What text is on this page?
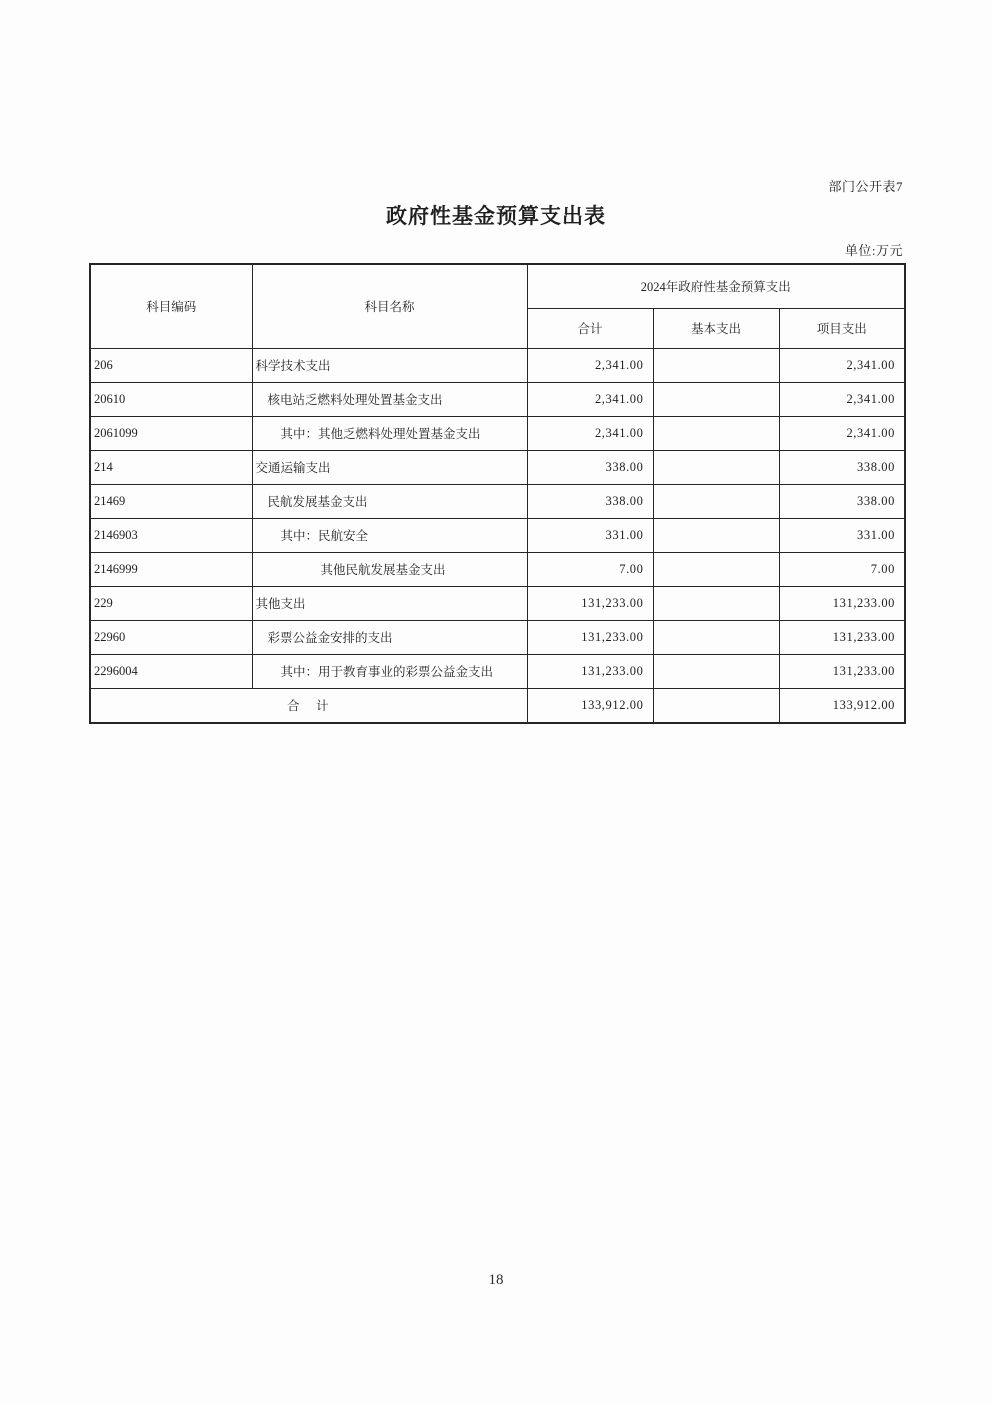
部门公开表7
政府性基金预算支出表
单位:万元
科目编码	科目名称	2024年政府性基金预算支出		
		合计	基本支出	项目支出
206	科学技术支出	2,341.00		2,341.00
20610	核电站乏燃料处理处置基金支出	2,341.00		2,341.00
2061099	其中：其他乏燃料处理处置基金支出	2,341.00		2,341.00
214	交通运输支出	338.00		338.00
21469	民航发展基金支出	338.00		338.00
2146903	其中：民航安全	331.00		331.00
2146999	其他民航发展基金支出	7.00		7.00
229	其他支出	131,233.00		131,233.00
22960	彩票公益金安排的支出	131,233.00		131,233.00
2296004	其中：用于教育事业的彩票公益金支出	131,233.00		131,233.00
合　计		133,912.00		133,912.00
18
